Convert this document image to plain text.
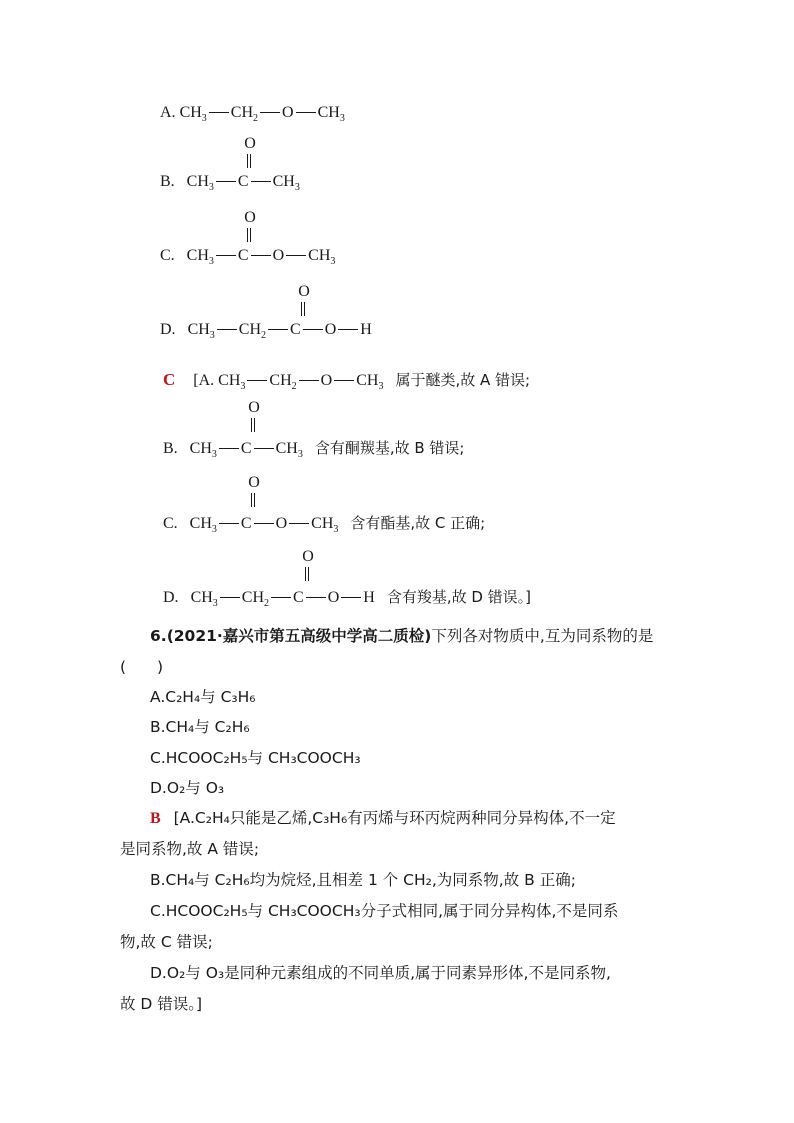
A. $CH_3$ $CH_2$ O $CH_3$
O
B. $CH_3$ C $CH_3$
O
C. $CH_3$ C O $CH_3$
O
D. $CH_3$ $CH_2$ C O H
C [A. $CH_3$ $CH_2$ O $CH_3$ 属于醚类,故 A 错误;
O
B. $CH_3$ C $CH_3$ 含有酮羰基,故 B 错误;
O
C. $CH_3$ C O $CH_3$ 含有酯基,故 C 正确;
O
D. $CH_3$ $CH_2$ C O H 含有羧基,故 D 错误。]
6.(2021·嘉兴市第五高级中学高二质检)下列各对物质中,互为同系物的是
(　　)
A.C₂H₄与 C₃H₆
B.CH₄与 C₂H₆
C.HCOOC₂H₅与 CH₃COOCH₃
D.O₂与 O₃
B [A.C₂H₄只能是乙烯,C₃H₆有丙烯与环丙烷两种同分异构体,不一定
是同系物,故 A 错误;
B.CH₄与 C₂H₆均为烷烃,且相差 1 个 CH₂,为同系物,故 B 正确;
C.HCOOC₂H₅与 CH₃COOCH₃分子式相同,属于同分异构体,不是同系
物,故 C 错误;
D.O₂与 O₃是同种元素组成的不同单质,属于同素异形体,不是同系物,
故 D 错误。]
